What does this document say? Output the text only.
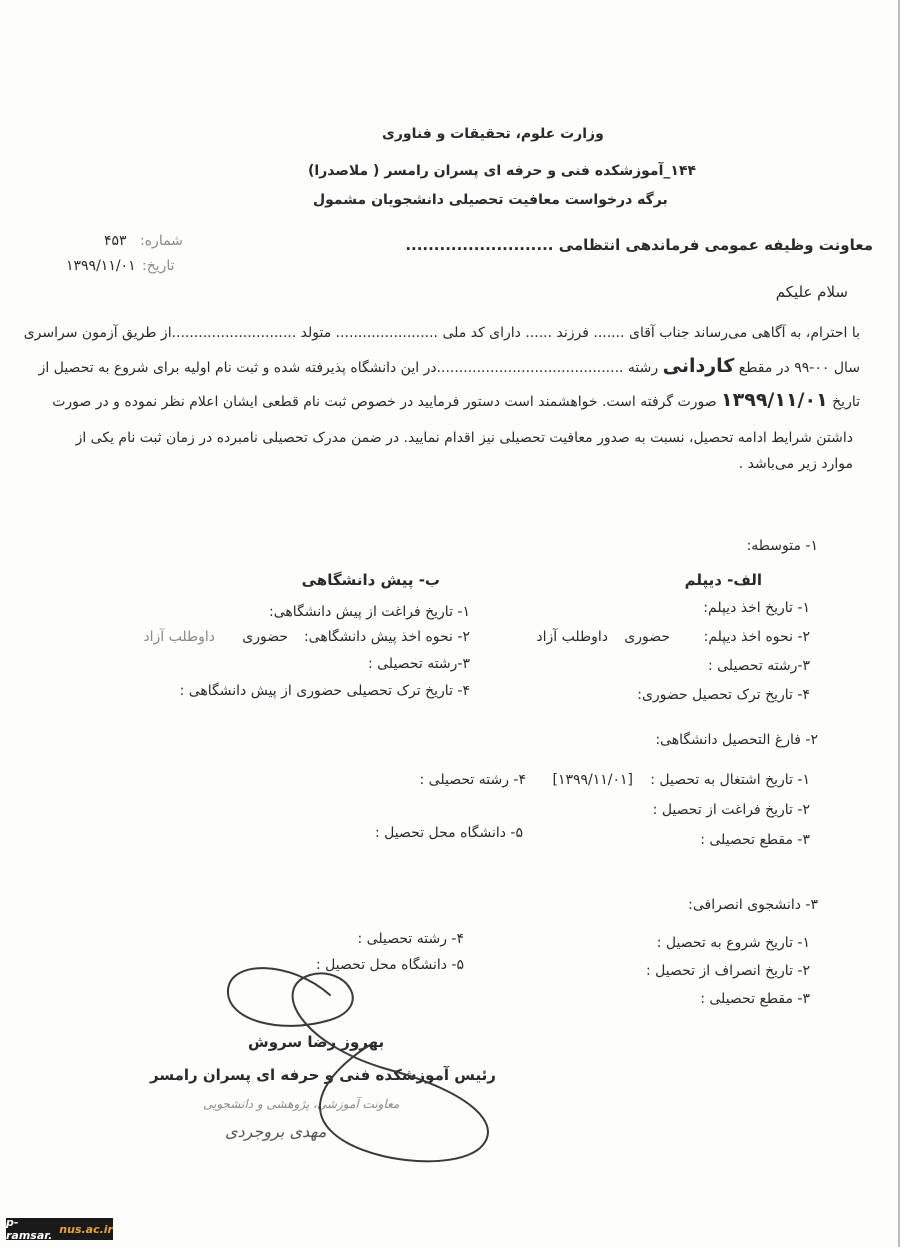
وزارت علوم، تحقیقات و فناوری
۱۴۴_آموزشکده فنی و حرفه ای پسران رامسر ( ملاصدرا)
برگه درخواست معافیت تحصیلی دانشجویان مشمول
شماره:
۴۵۳
تاریخ:
۱۳۹۹/۱۱/۰۱
معاونت وظیفه عمومی فرماندهی انتظامی ..........................
سلام علیکم
با احترام، به آگاهی می‌رساند جناب آقای ....... فرزند ...... دارای کد ملی ....................... متولد ............................از طریق آزمون سراسری
سال ۰۰-۹۹ در مقطع کاردانی رشته ..........................................در این دانشگاه پذیرفته شده و ثبت نام اولیه برای شروع به تحصیل از
تاریخ ۱۳۹۹/۱۱/۰۱ صورت گرفته است. خواهشمند است دستور فرمایید در خصوص ثبت نام قطعی ایشان اعلام نظر نموده و در صورت
داشتن شرایط ادامه تحصیل، نسبت به صدور معافیت تحصیلی نیز اقدام نمایید. در ضمن مدرک تحصیلی نامبرده در زمان ثبت نام یکی از
موارد زیر می‌باشد .
۱- متوسطه:
الف- دیپلم
۱- تاریخ اخذ دیپلم:
۲- نحوه اخذ دیپلم:
حضوری
داوطلب آزاد
۳-رشته تحصیلی :
۴- تاریخ ترک تحصیل حضوری:
ب- پیش دانشگاهی
۱- تاریخ فراغت از پیش دانشگاهی:
۲- نحوه اخذ پیش دانشگاهی:
حضوری
داوطلب آزاد
۳-رشته تحصیلی :
۴- تاریخ ترک تحصیلی حضوری از پیش دانشگاهی :
۲- فارغ التحصیل دانشگاهی:
۱- تاریخ اشتغال به تحصیل :
[۱۳۹۹/۱۱/۰۱]
۴- رشته تحصیلی :
۲- تاریخ فراغت از تحصیل :
۵- دانشگاه محل تحصیل :	۳- مقطع تحصیلی :
۳- دانشجوی انصرافی:
۱- تاریخ شروع به تحصیل :
۲- تاریخ انصراف از تحصیل :
۳- مقطع تحصیلی :
۴- رشته تحصیلی :
۵- دانشگاه محل تحصیل :
بهروز رضا سروش
رئیس آموزشکده فنی و حرفه ای پسران رامسر
معاونت آموزشی، پژوهشی و دانشجویی
مهدی بروجردی
p-ramsar. nus.ac.ir
